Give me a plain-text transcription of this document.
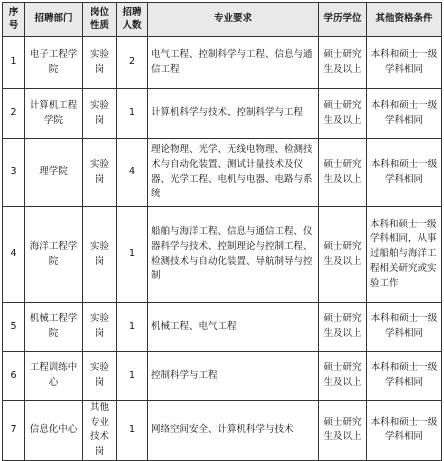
序号	招聘部门	岗位性质	招聘人数	专业要求	学历学位	其他资格条件
1	电子工程学院	实验岗	2	电气工程、控制科学与工程、信息与通信工程	硕士研究生及以上	本科和硕士一级学科相同
2	计算机工程学院	实验岗	1	计算机科学与技术、控制科学与工程	硕士研究生及以上	本科和硕士一级学科相同
3	理学院	实验岗	4	理论物理、光学、无线电物理、检测技术与自动化装置、测试计量技术及仪器、光学工程、电机与电器、电路与系统	硕士研究生及以上	本科和硕士一级学科相同
4	海洋工程学院	实验岗	1	船舶与海洋工程、信息与通信工程、仪器科学与技术、控制理论与控制工程、检测技术与自动化装置、导航制导与控制	硕士研究生及以上	本科和硕士一级学科相同，从事过船舶与海洋工程相关研究或实验工作
5	机械工程学院	实验岗	1	机械工程、电气工程	硕士研究生及以上	本科和硕士一级学科相同
6	工程训练中心	实验岗	1	控制科学与工程	硕士研究生及以上	本科和硕士一级学科相同
7	信息化中心	其他专业技术岗	1	网络空间安全、计算机科学与技术	硕士研究生及以上	本科和硕士一级学科相同
